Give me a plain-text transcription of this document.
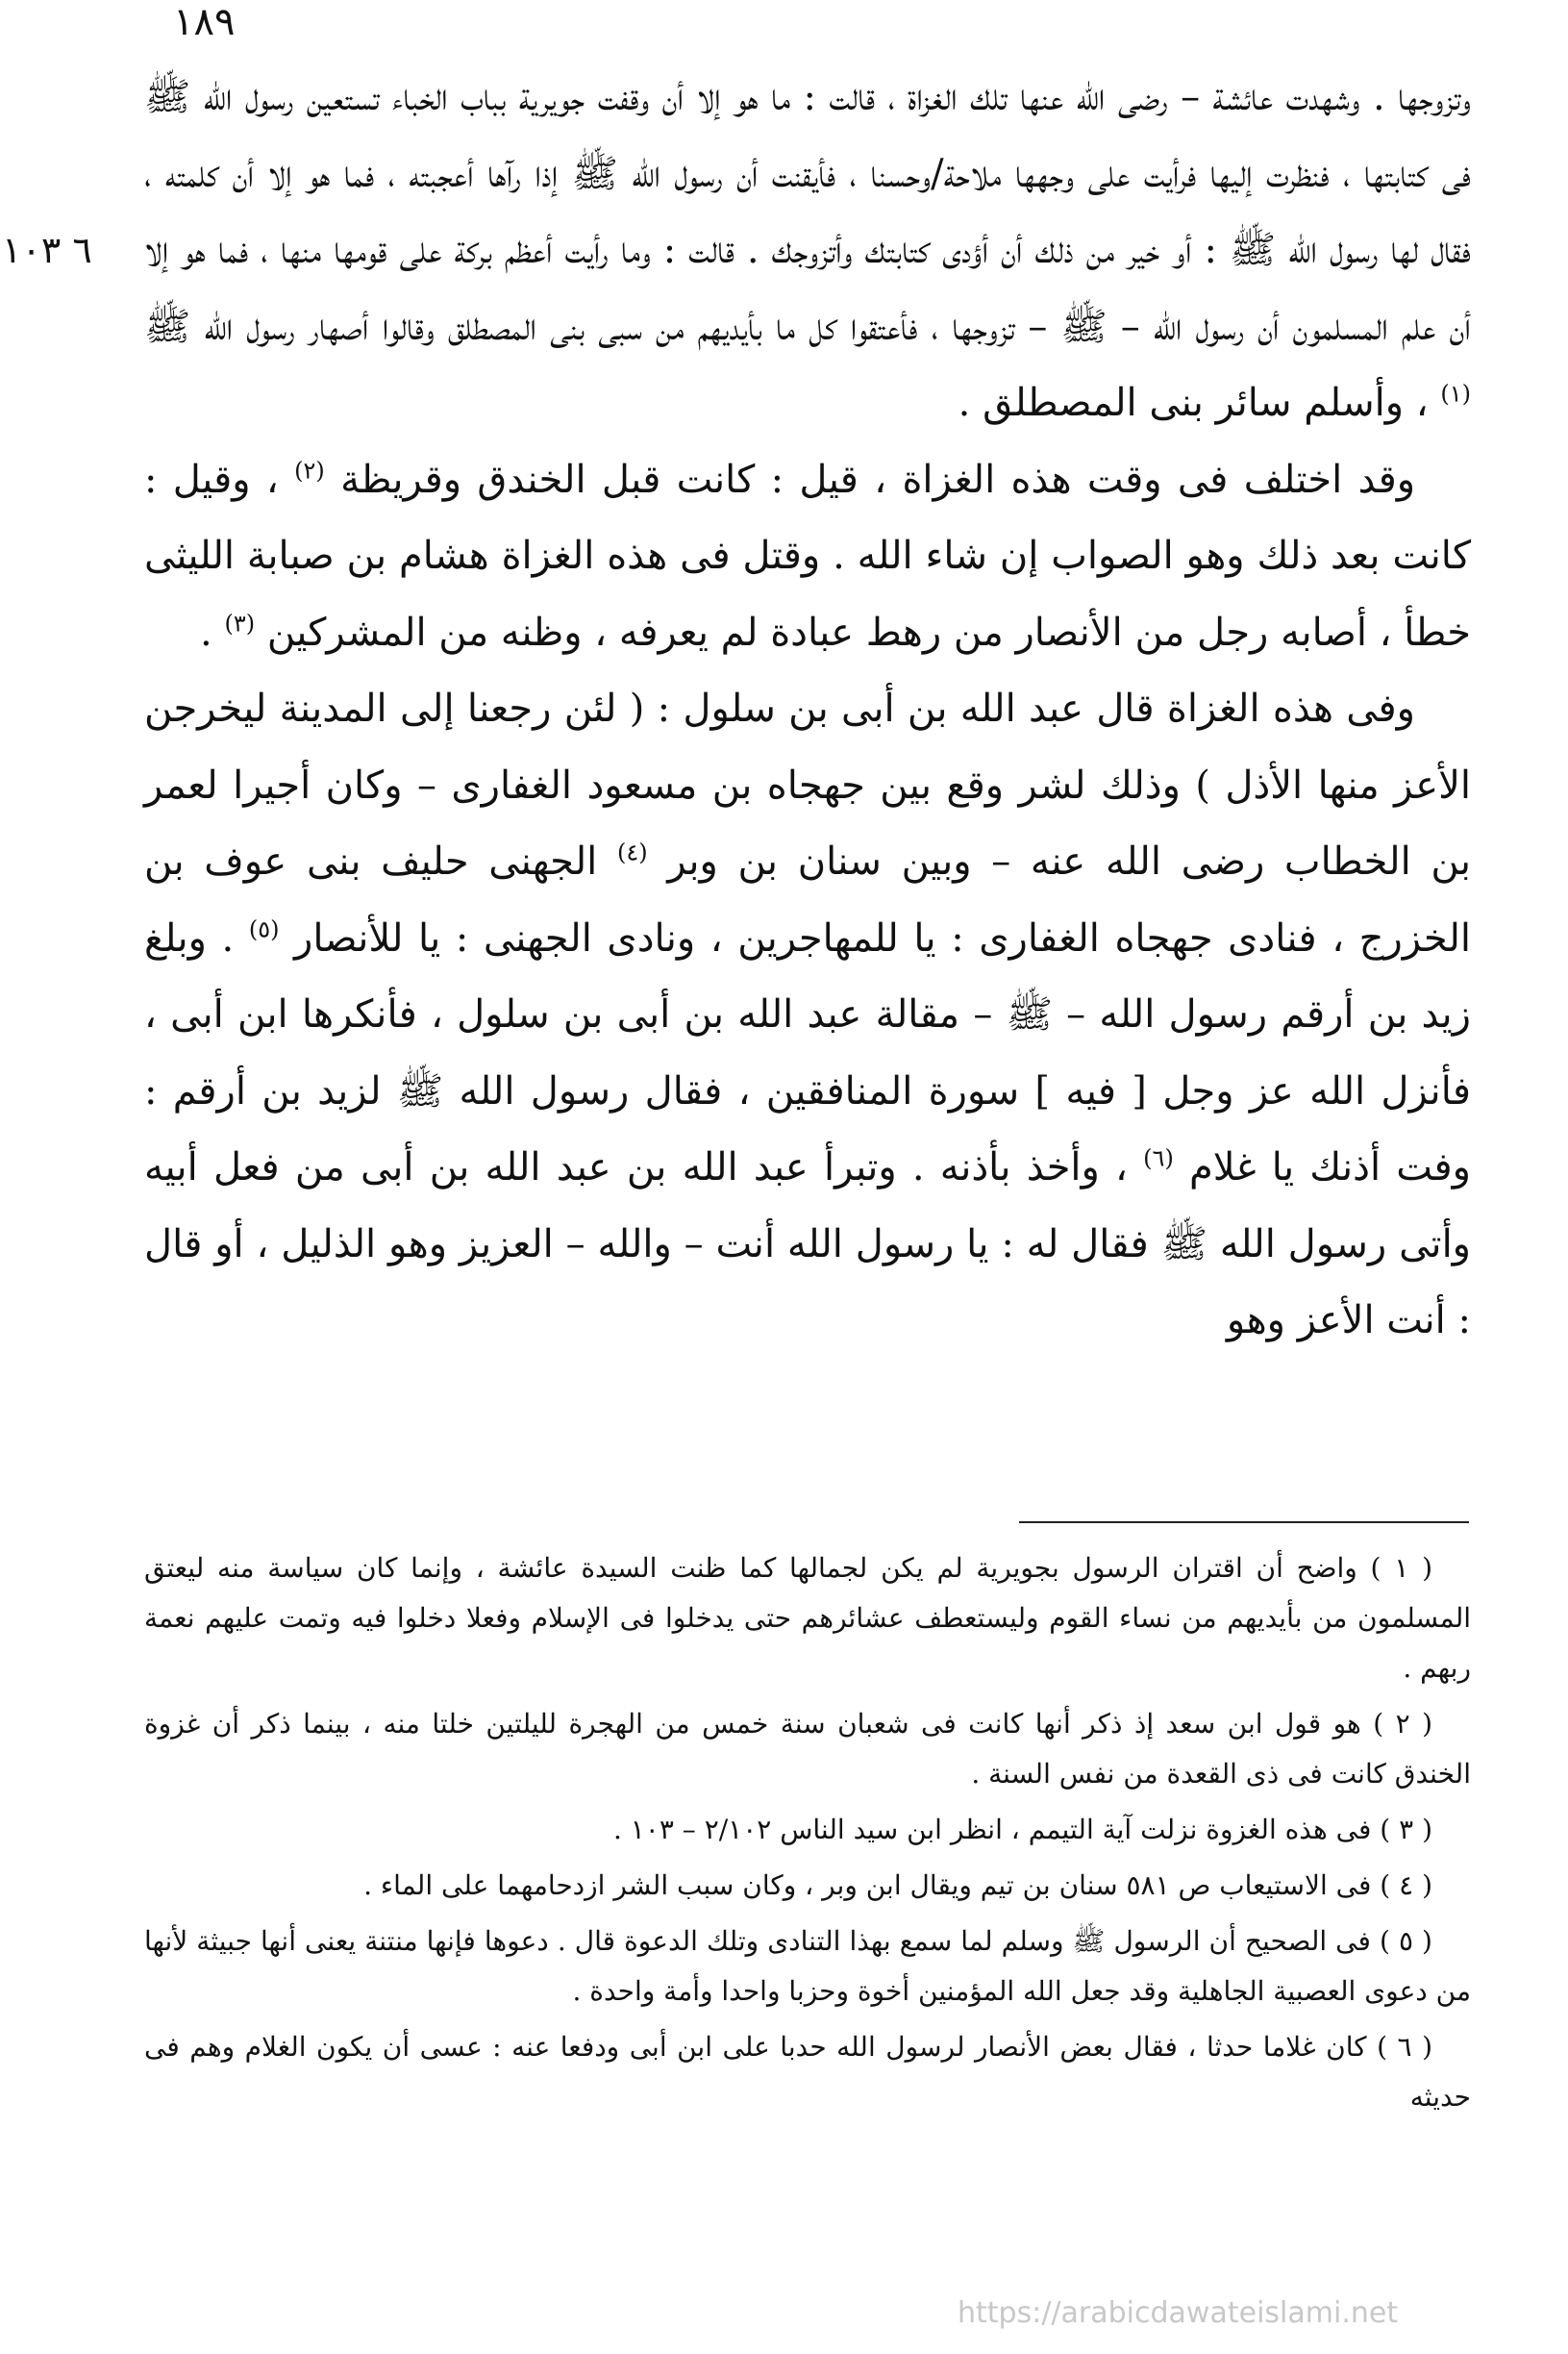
١٨٩
٦ ١٠٣

وتزوجها . وشهدت عائشة – رضى الله عنها تلك الغزاة ، قالت : ما هو إلا أن وقفت جويرية بباب الخباء تستعين رسول الله ﷺ فى كتابتها ، فنظرت إليها فرأيت على وجهها ملاحة/وحسنا ، فأيقنت أن رسول الله ﷺ إذا رآها أعجبته ، فما هو إلا أن كلمته ، فقال لها رسول الله ﷺ : أو خير من ذلك أن أؤدى كتابتك وأتزوجك . قالت : وما رأيت أعظم بركة على قومها منها ، فما هو إلا أن علم المسلمون أن رسول الله – ﷺ – تزوجها ، فأعتقوا كل ما بأيديهم من سبى بنى المصطلق وقالوا أصهار رسول الله ﷺ $^{(١)}$ ، وأسلم سائر بنى المصطلق .

وقد اختلف فى وقت هذه الغزاة ، قيل : كانت قبل الخندق وقريظة $^{(٢)}$ ، وقيل : كانت بعد ذلك وهو الصواب إن شاء الله . وقتل فى هذه الغزاة هشام بن صبابة الليثى خطأ ، أصابه رجل من الأنصار من رهط عبادة لم يعرفه ، وظنه من المشركين $^{(٣)}$ .

وفى هذه الغزاة قال عبد الله بن أبى بن سلول : ( لئن رجعنا إلى المدينة ليخرجن الأعز منها الأذل ) وذلك لشر وقع بين جهجاه بن مسعود الغفارى – وكان أجيرا لعمر بن الخطاب رضى الله عنه – وبين سنان بن وبر $^{(٤)}$ الجهنى حليف بنى عوف بن الخزرج ، فنادى جهجاه الغفارى : يا للمهاجرين ، ونادى الجهنى : يا للأنصار $^{(٥)}$ . وبلغ زيد بن أرقم رسول الله – ﷺ – مقالة عبد الله بن أبى بن سلول ، فأنكرها ابن أبى ، فأنزل الله عز وجل [ فيه ] سورة المنافقين ، فقال رسول الله ﷺ لزيد بن أرقم : وفت أذنك يا غلام $^{(٦)}$ ، وأخذ بأذنه . وتبرأ عبد الله بن عبد الله بن أبى من فعل أبيه وأتى رسول الله ﷺ فقال له : يا رسول الله أنت – والله – العزيز وهو الذليل ، أو قال : أنت الأعز وهو

( ١ ) واضح أن اقتران الرسول بجويرية لم يكن لجمالها كما ظنت السيدة عائشة ، وإنما كان سياسة منه ليعتق المسلمون من بأيديهم من نساء القوم وليستعطف عشائرهم حتى يدخلوا فى الإسلام وفعلا دخلوا فيه وتمت عليهم نعمة ربهم .

( ٢ ) هو قول ابن سعد إذ ذكر أنها كانت فى شعبان سنة خمس من الهجرة لليلتين خلتا منه ، بينما ذكر أن غزوة الخندق كانت فى ذى القعدة من نفس السنة .

( ٣ ) فى هذه الغزوة نزلت آية التيمم ، انظر ابن سيد الناس ٢/١٠٢ – ١٠٣ .

( ٤ ) فى الاستيعاب ص ٥٨١ سنان بن تيم ويقال ابن وبر ، وكان سبب الشر ازدحامهما على الماء .

( ٥ ) فى الصحيح أن الرسول ﷺ وسلم لما سمع بهذا التنادى وتلك الدعوة قال . دعوها فإنها منتنة يعنى أنها جبيثة لأنها من دعوى العصبية الجاهلية وقد جعل الله المؤمنين أخوة وحزبا واحدا وأمة واحدة .

( ٦ ) كان غلاما حدثا ، فقال بعض الأنصار لرسول الله حدبا على ابن أبى ودفعا عنه : عسى أن يكون الغلام وهم فى حديثه

https://arabicdawateislami.net
